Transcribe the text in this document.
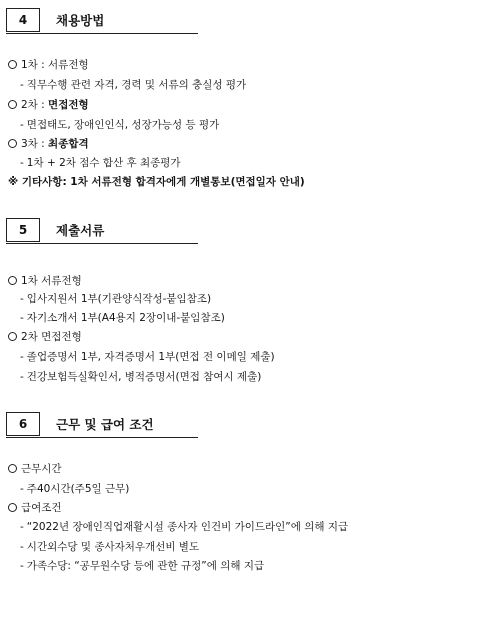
4	채용방법
1차 : 서류전형
- 직무수행 관련 자격, 경력 및 서류의 충실성 평가
2차 : 면접전형
- 면접태도, 장애인인식, 성장가능성 등 평가
3차 : 최종합격
- 1차 + 2차 점수 합산 후 최종평가
※ 기타사항: 1차 서류전형 합격자에게 개별통보(면접일자 안내)
5	제출서류
1차 서류전형
- 입사지원서 1부(기관양식작성-붙임참조)
- 자기소개서 1부(A4용지 2장이내-붙임참조)
2차 면접전형
- 졸업증명서 1부, 자격증명서 1부(면접 전 이메일 제출)
- 건강보험득실확인서, 병적증명서(면접 참여시 제출)
6	근무 및 급여 조건
근무시간
- 주40시간(주5일 근무)
급여조건
- “2022년 장애인직업재활시설 종사자 인건비 가이드라인”에 의해 지급
- 시간외수당 및 종사자처우개선비 별도
- 가족수당: “공무원수당 등에 관한 규정”에 의해 지급
